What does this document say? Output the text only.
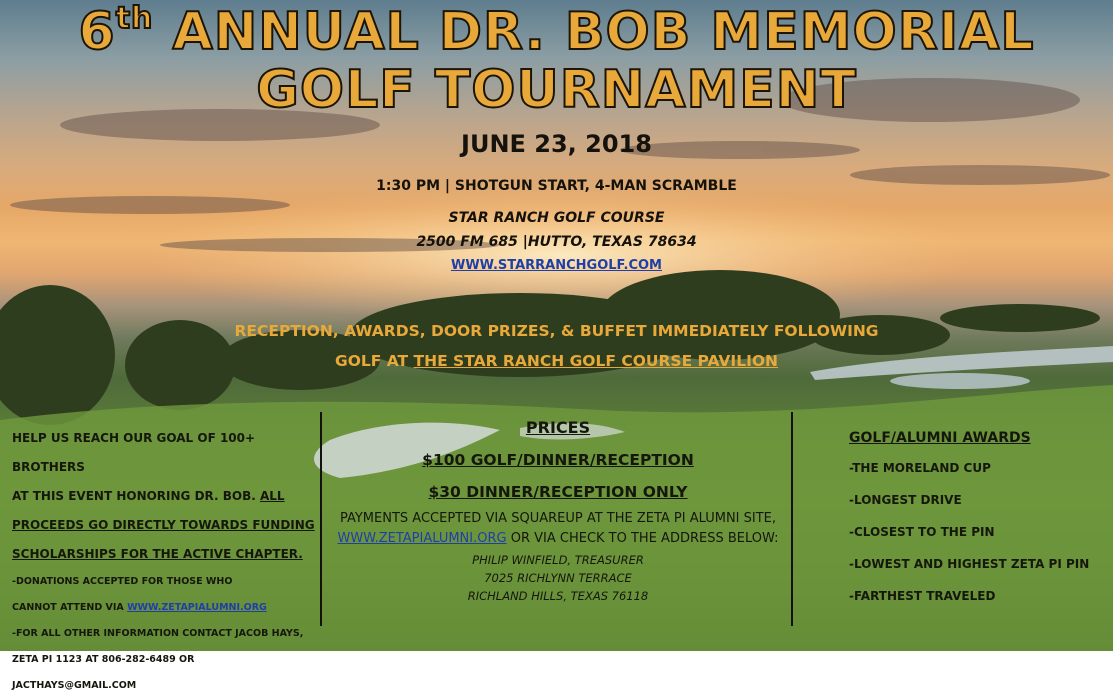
6th ANNUAL DR. BOB MEMORIAL
GOLF TOURNAMENT
JUNE 23, 2018
1:30 PM | SHOTGUN START, 4-MAN SCRAMBLE
STAR RANCH GOLF COURSE
2500 FM 685 |HUTTO, TEXAS 78634
WWW.STARRANCHGOLF.COM
RECEPTION, AWARDS, DOOR PRIZES, & BUFFET IMMEDIATELY FOLLOWING
GOLF AT THE STAR RANCH GOLF COURSE PAVILION
HELP US REACH OUR GOAL OF 100+ BROTHERS
AT THIS EVENT HONORING DR. BOB. ALL
PROCEEDS GO DIRECTLY TOWARDS FUNDING
SCHOLARSHIPS FOR THE ACTIVE CHAPTER.
-DONATIONS ACCEPTED FOR THOSE WHO
CANNOT ATTEND VIA WWW.ZETAPIALUMNI.ORG
-FOR ALL OTHER INFORMATION CONTACT JACOB HAYS,
ZETA PI 1123 AT 806-282-6489 OR JACTHAYS@GMAIL.COM
PRICES
$100 GOLF/DINNER/RECEPTION
$30 DINNER/RECEPTION ONLY
PAYMENTS ACCEPTED VIA SQUAREUP AT THE ZETA PI ALUMNI SITE,
WWW.ZETAPIALUMNI.ORG OR VIA CHECK TO THE ADDRESS BELOW:
PHILIP WINFIELD, TREASURER
7025 RICHLYNN TERRACE
RICHLAND HILLS, TEXAS 76118
GOLF/ALUMNI AWARDS
-THE MORELAND CUP
-LONGEST DRIVE
-CLOSEST TO THE PIN
-LOWEST AND HIGHEST ZETA PI PIN
-FARTHEST TRAVELED
